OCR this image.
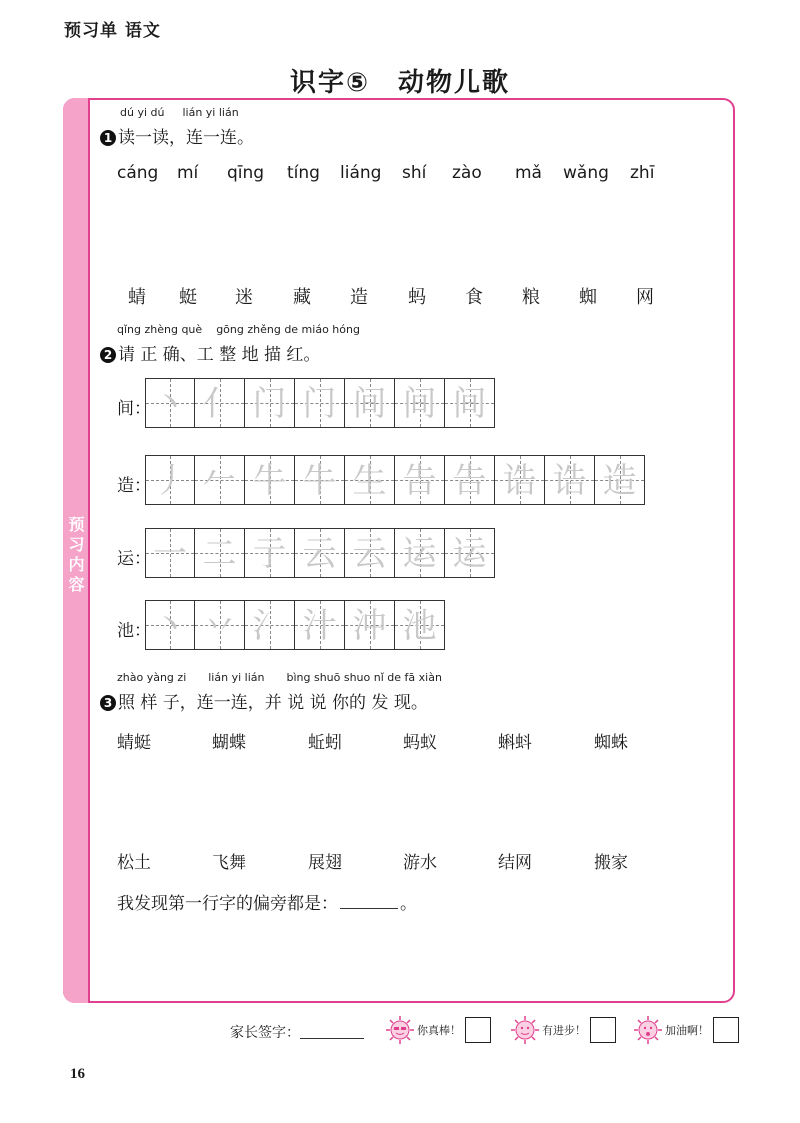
预习单 语文
识字⑤　动物儿歌
预
习
内
容
dú yi dú lián yi lián
1 读一读，连一连。
cáng mí qīng tíng liáng shí zào mǎ wǎng zhī
蜻 蜓 迷 藏 造 蚂 食 粮 蜘 网
qǐng zhèng què gōng zhěng de miáo hóng
2 请 正 确、工 整 地 描 红。
间： 丶 亻 门 门 间 间 间
造： 丿 𠂉 牛 牛 生 告 告 诰 诰 造
运： 一 二 亍 云 云 运 运
池： 丶 丷 氵 汁 沖 池
zhào yàng zi lián yi lián bìng shuō shuo nǐ de fā xiàn
3 照 样 子，连一连，并 说 说 你的 发 现。
蜻蜓	蝴蝶	蚯蚓	蚂蚁	蝌蚪	蜘蛛
松土	飞舞	展翅	游水	结网	搬家
我发现第一行字的偏旁都是：	。
家长签字：	你真棒！	有进步！	加油啊！
16
